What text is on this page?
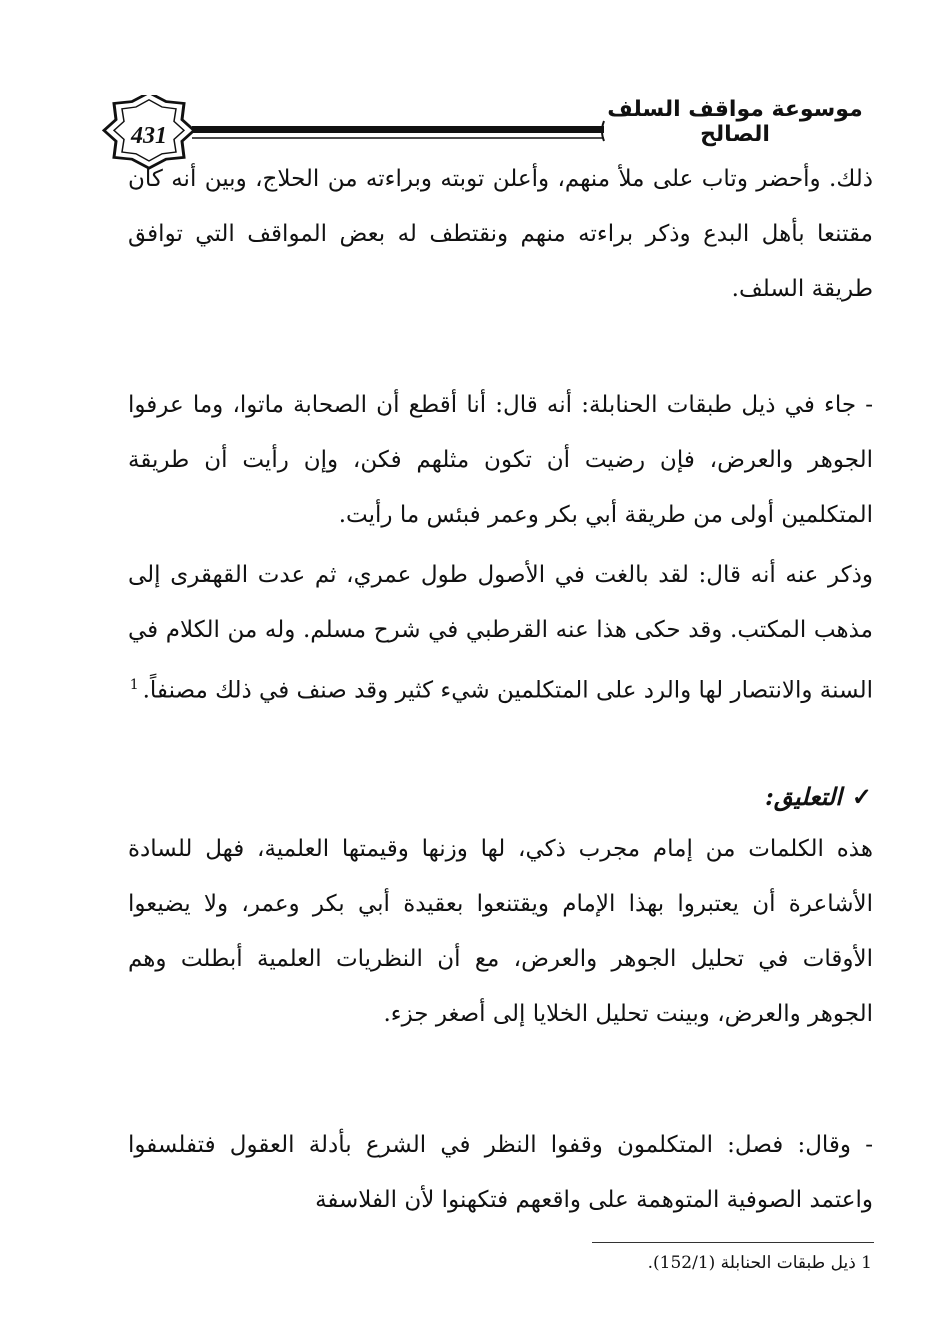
431
موسوعة مواقف السلف الصالح

ذلك. وأحضر وتاب على ملأ منهم، وأعلن توبته وبراءته من الحلاج، وبين أنه كان مقتنعا بأهل البدع وذكر براءته منهم ونقتطف له بعض المواقف التي توافق طريقة السلف.

- جاء في ذيل طبقات الحنابلة: أنه قال: أنا أقطع أن الصحابة ماتوا، وما عرفوا الجوهر والعرض، فإن رضيت أن تكون مثلهم فكن، وإن رأيت أن طريقة المتكلمين أولى من طريقة أبي بكر وعمر فبئس ما رأيت.

وذكر عنه أنه قال: لقد بالغت في الأصول طول عمري، ثم عدت القهقرى إلى مذهب المكتب. وقد حكى هذا عنه القرطبي في شرح مسلم. وله من الكلام في السنة والانتصار لها والرد على المتكلمين شيء كثير وقد صنف في ذلك مصنفاً.$^1$

✓التعليق:

هذه الكلمات من إمام مجرب ذكي، لها وزنها وقيمتها العلمية، فهل للسادة الأشاعرة أن يعتبروا بهذا الإمام ويقتنعوا بعقيدة أبي بكر وعمر، ولا يضيعوا الأوقات في تحليل الجوهر والعرض، مع أن النظريات العلمية أبطلت وهم الجوهر والعرض، وبينت تحليل الخلايا إلى أصغر جزء.

- وقال: فصل: المتكلمون وقفوا النظر في الشرع بأدلة العقول فتفلسفوا واعتمد الصوفية المتوهمة على واقعهم فتكهنوا لأن الفلاسفة

1 ذيل طبقات الحنابلة (152/1).
